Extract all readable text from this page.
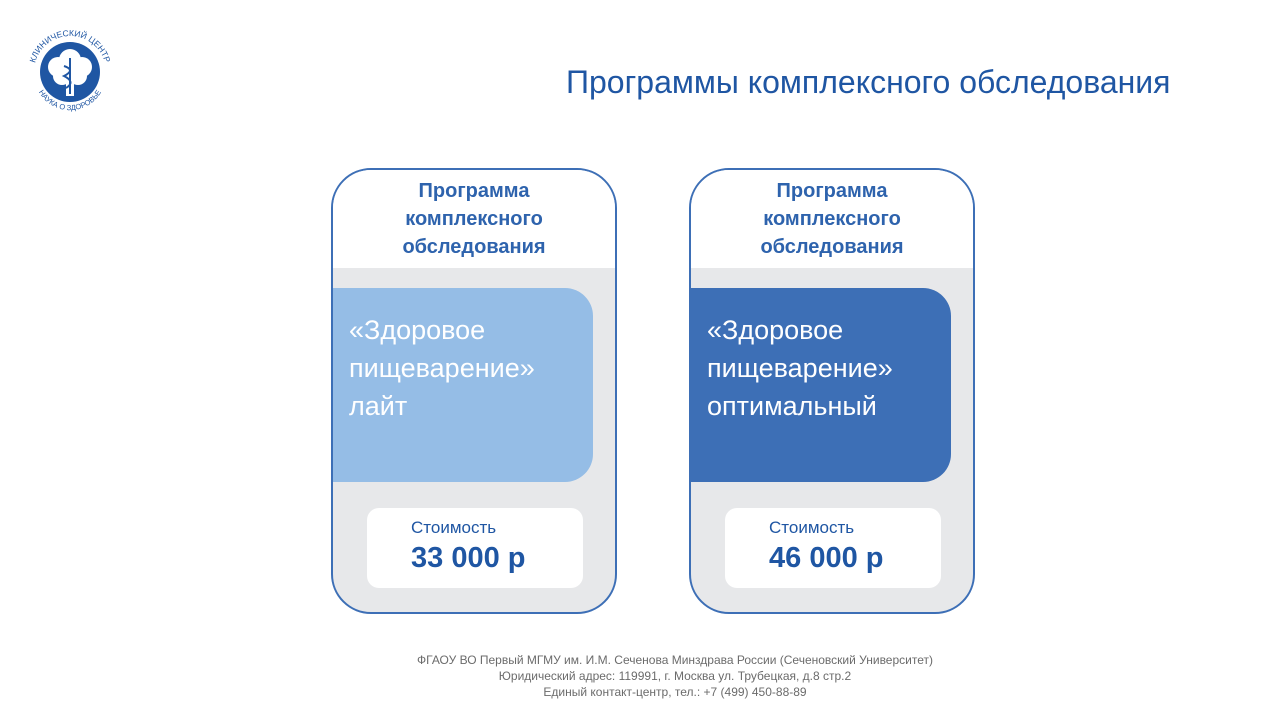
КЛИНИЧЕСКИЙ ЦЕНТР
НАУКА О ЗДОРОВЬЕ	Программы комплексного обследования
Программа комплексного обследования
«Здоровое пищеварение» лайт
Стоимость
33 000 р
Программа комплексного обследования
«Здоровое пищеварение» оптимальный
Стоимость
46 000 р
ФГАОУ ВО Первый МГМУ им. И.М. Сеченова Минздрава России (Сеченовский Университет)
Юридический адрес: 119991, г. Москва ул. Трубецкая, д.8 стр.2
Единый контакт-центр, тел.: +7 (499) 450-88-89
